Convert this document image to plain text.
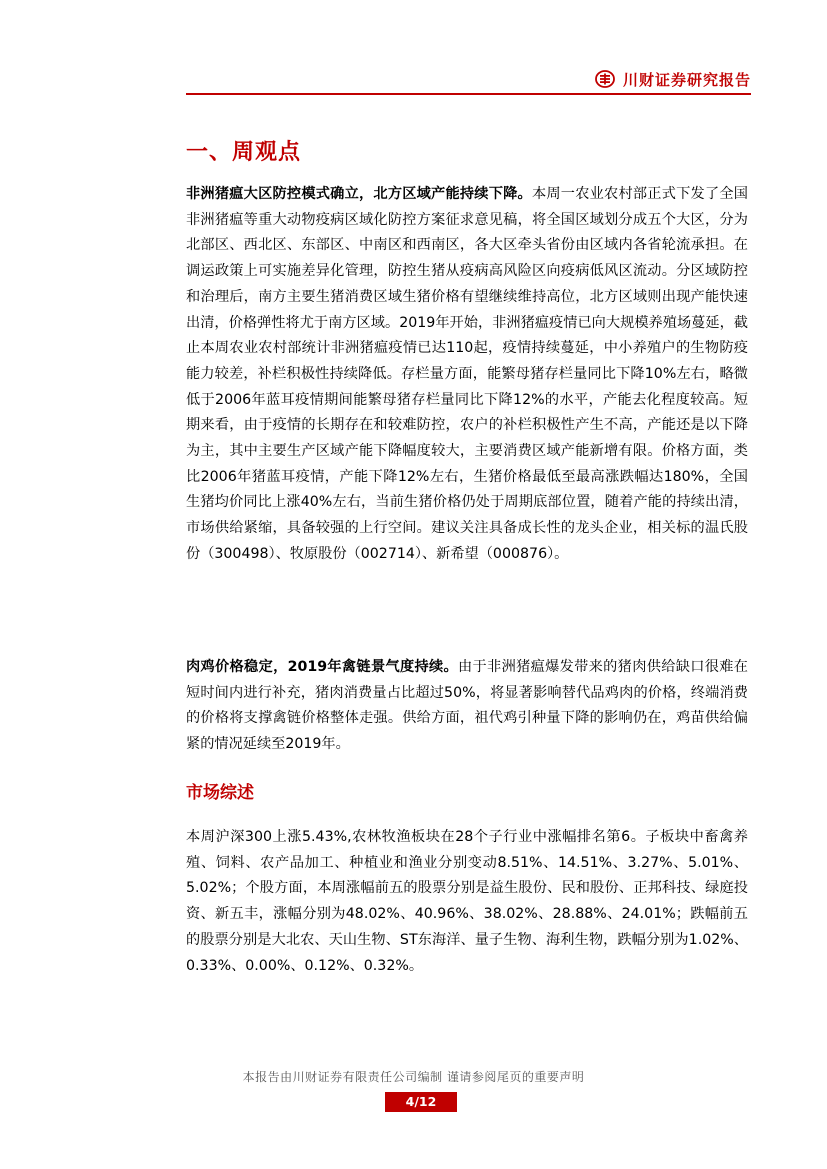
川财证券研究报告
一、周观点

非洲猪瘟大区防控模式确立，北方区域产能持续下降。本周一农业农村部正式下发了全国非洲猪瘟等重大动物疫病区域化防控方案征求意见稿，将全国区域划分成五个大区，分为北部区、西北区、东部区、中南区和西南区，各大区牵头省份由区域内各省轮流承担。在调运政策上可实施差异化管理，防控生猪从疫病高风险区向疫病低风区流动。分区域防控和治理后，南方主要生猪消费区域生猪价格有望继续维持高位，北方区域则出现产能快速出清，价格弹性将尤于南方区域。2019年开始，非洲猪瘟疫情已向大规模养殖场蔓延，截止本周农业农村部统计非洲猪瘟疫情已达110起，疫情持续蔓延，中小养殖户的生物防疫能力较差，补栏积极性持续降低。存栏量方面，能繁母猪存栏量同比下降10%左右，略微低于2006年蓝耳疫情期间能繁母猪存栏量同比下降12%的水平，产能去化程度较高。短期来看，由于疫情的长期存在和较难防控，农户的补栏积极性产生不高，产能还是以下降为主，其中主要生产区域产能下降幅度较大，主要消费区域产能新增有限。价格方面，类比2006年猪蓝耳疫情，产能下降12%左右，生猪价格最低至最高涨跌幅达180%，全国生猪均价同比上涨40%左右，当前生猪价格仍处于周期底部位置，随着产能的持续出清，市场供给紧缩，具备较强的上行空间。建议关注具备成长性的龙头企业，相关标的温氏股份（300498）、牧原股份（002714）、新希望（000876）。

肉鸡价格稳定，2019年禽链景气度持续。由于非洲猪瘟爆发带来的猪肉供给缺口很难在短时间内进行补充，猪肉消费量占比超过50%，将显著影响替代品鸡肉的价格，终端消费的价格将支撑禽链价格整体走强。供给方面，祖代鸡引种量下降的影响仍在，鸡苗供给偏紧的情况延续至2019年。

市场综述

本周沪深300上涨5.43%,农林牧渔板块在28个子行业中涨幅排名第6。子板块中畜禽养殖、饲料、农产品加工、种植业和渔业分别变动8.51%、14.51%、3.27%、5.01%、5.02%；个股方面，本周涨幅前五的股票分别是益生股份、民和股份、正邦科技、绿庭投资、新五丰，涨幅分别为48.02%、40.96%、38.02%、28.88%、24.01%；跌幅前五的股票分别是大北农、天山生物、ST东海洋、量子生物、海利生物，跌幅分别为1.02%、0.33%、0.00%、0.12%、0.32%。

本报告由川财证券有限责任公司编制 谨请参阅尾页的重要声明
4/12
